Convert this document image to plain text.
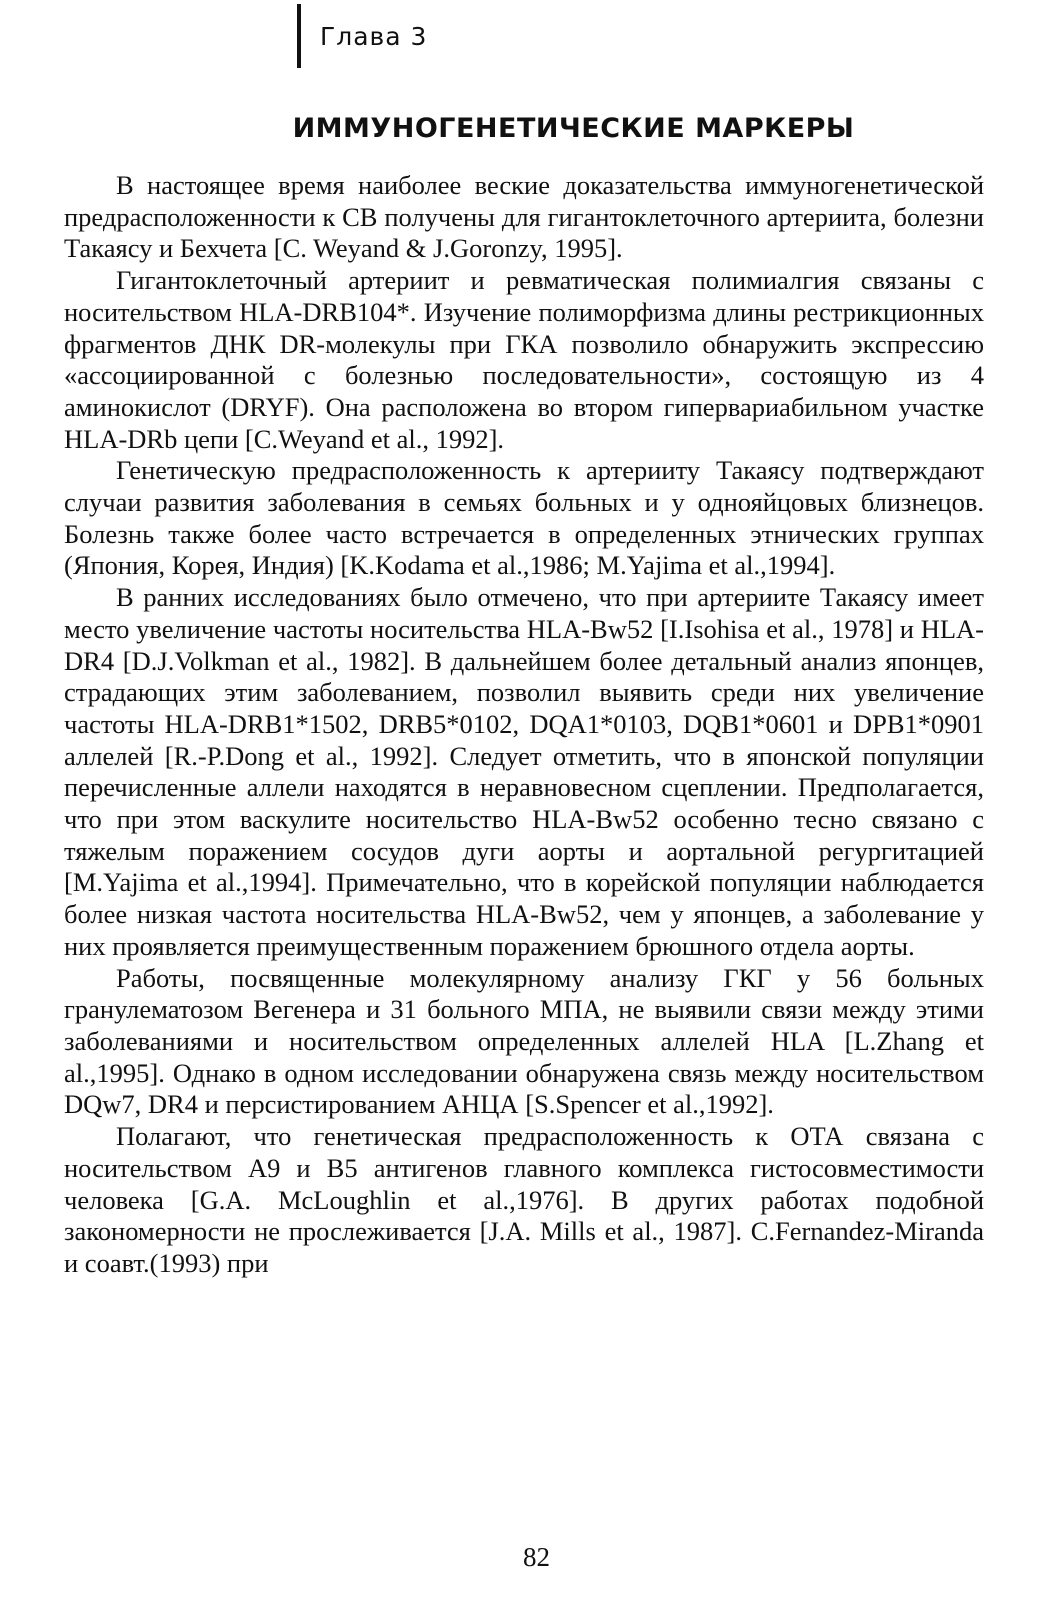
Глава 3
ИММУНОГЕНЕТИЧЕСКИЕ МАРКЕРЫ

В настоящее время наиболее веские доказательства иммуногенетической предрасположенности к СВ получены для гигантоклеточного артериита, болезни Такаясу и Бехчета [C. Weyand & J.Goronzy, 1995].

Гигантоклеточный артериит и ревматическая полимиалгия связаны с носительством HLA-DRB104*. Изучение полиморфизма длины рестрикционных фрагментов ДНК DR-молекулы при ГКА позволило обнаружить экспрессию «ассоциированной с болезнью последовательности», состоящую из 4 аминокислот (DRYF). Она расположена во втором гипервариабильном участке HLA-DRb цепи [C.Weyand et al., 1992].

Генетическую предрасположенность к артерииту Такаясу подтверждают случаи развития заболевания в семьях больных и у однояйцовых близнецов. Болезнь также более часто встречается в определенных этнических группах (Япония, Корея, Индия) [K.Kodama et al.,1986; M.Yajima et al.,1994].

В ранних исследованиях было отмечено, что при артериите Такаясу имеет место увеличение частоты носительства HLA-Bw52 [I.Isohisa et al., 1978] и HLA-DR4 [D.J.Volkman et al., 1982]. В дальнейшем более детальный анализ японцев, страдающих этим заболеванием, позволил выявить среди них увеличение частоты HLA-DRB1*1502, DRB5*0102, DQA1*0103, DQB1*0601 и DPB1*0901 аллелей [R.-P.Dong et al., 1992]. Следует отметить, что в японской популяции перечисленные аллели находятся в неравновесном сцеплении. Предполагается, что при этом васкулите носительство HLA-Bw52 особенно тесно связано с тяжелым поражением сосудов дуги аорты и аортальной регургитацией [M.Yajima et al.,1994]. Примечательно, что в корейской популяции наблюдается более низкая частота носительства HLA-Bw52, чем у японцев, а заболевание у них проявляется преимущественным поражением брюшного отдела аорты.

Работы, посвященные молекулярному анализу ГКГ у 56 больных гранулематозом Вегенера и 31 больного МПА, не выявили связи между этими заболеваниями и носительством определенных аллелей HLA [L.Zhang et al.,1995]. Однако в одном исследовании обнаружена связь между носительством DQw7, DR4 и персистированием АНЦА [S.Spencer et al.,1992].

Полагают, что генетическая предрасположенность к ОТА связана с носительством A9 и B5 антигенов главного комплекса гистосовместимости человека [G.A. McLoughlin et al.,1976]. В других работах подобной закономерности не прослеживается [J.A. Mills et al., 1987]. C.Fernandez-Miranda и соавт.(1993) при

82
